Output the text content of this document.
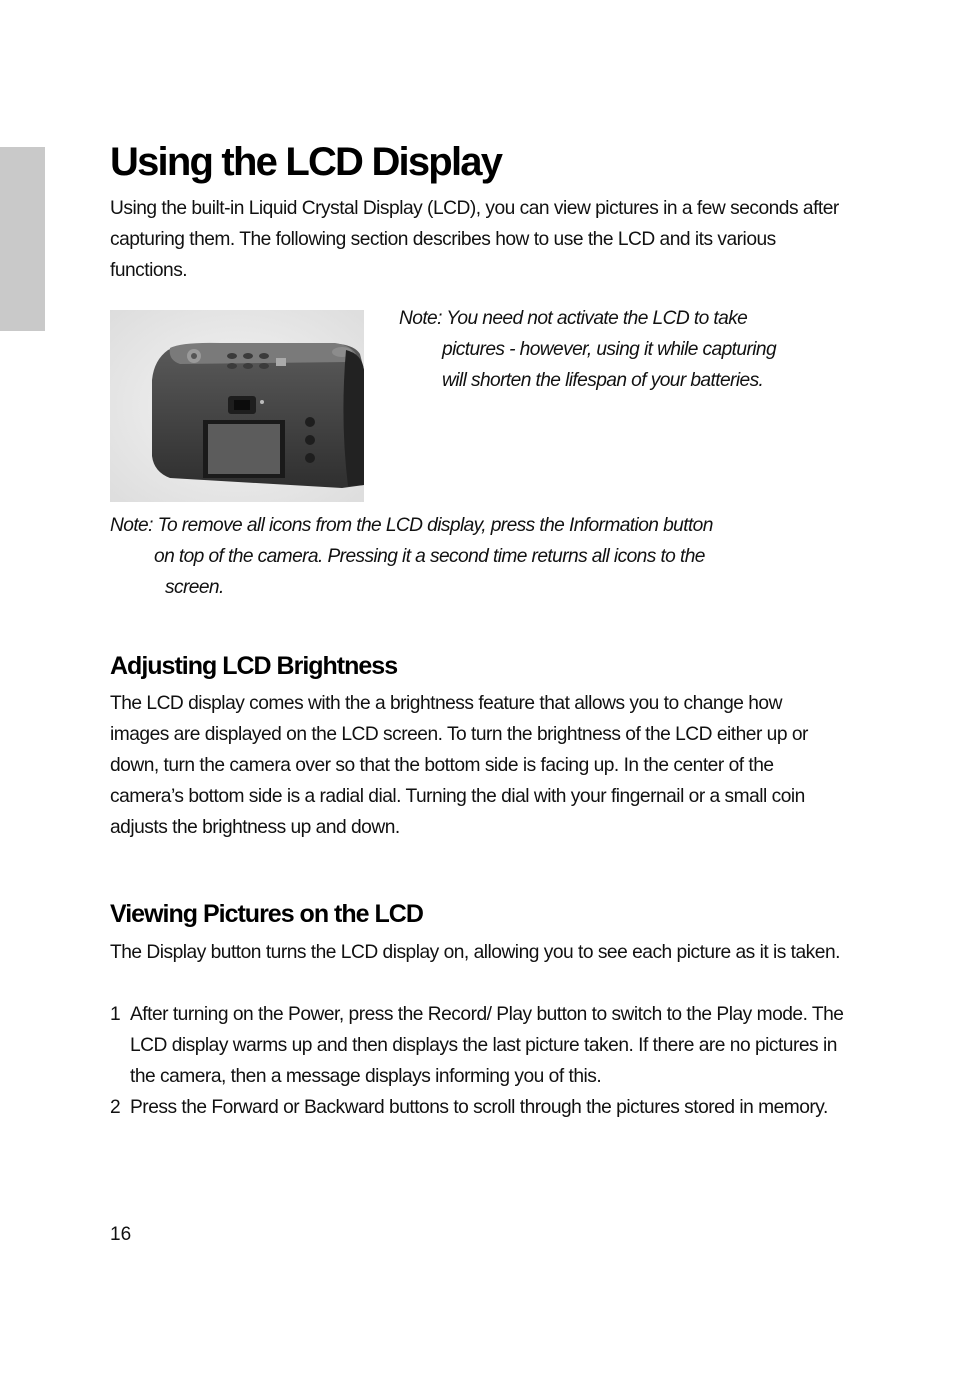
Using the LCD Display

Using the built-in Liquid Crystal Display (LCD), you can view pictures in a few seconds after capturing them. The following section describes how to use the LCD and its various functions.

Note: You need not activate the LCD to take
pictures - however, using it while capturing
will shorten the lifespan of your batteries.
Note: To remove all icons from the LCD display, press the Information button
on top of the camera. Pressing it a second time returns all icons to the
screen.
Adjusting LCD Brightness

The LCD display comes with the a brightness feature that allows you to change how images are displayed on the LCD screen. To turn the brightness of the LCD either up or down, turn the camera over so that the bottom side is facing up. In the center of the camera’s bottom side is a radial dial. Turning the dial with your fingernail or a small coin adjusts the brightness up and down.

Viewing Pictures on the LCD

The Display button turns the LCD display on, allowing you to see each picture as it is taken.

1 After turning on the Power, press the Record/ Play button to switch to the Play mode. The LCD display warms up and then displays the last picture taken. If there are no pictures in the camera, then a message displays informing you of this.
2 Press the Forward or Backward buttons to scroll through the pictures stored in memory.
16
